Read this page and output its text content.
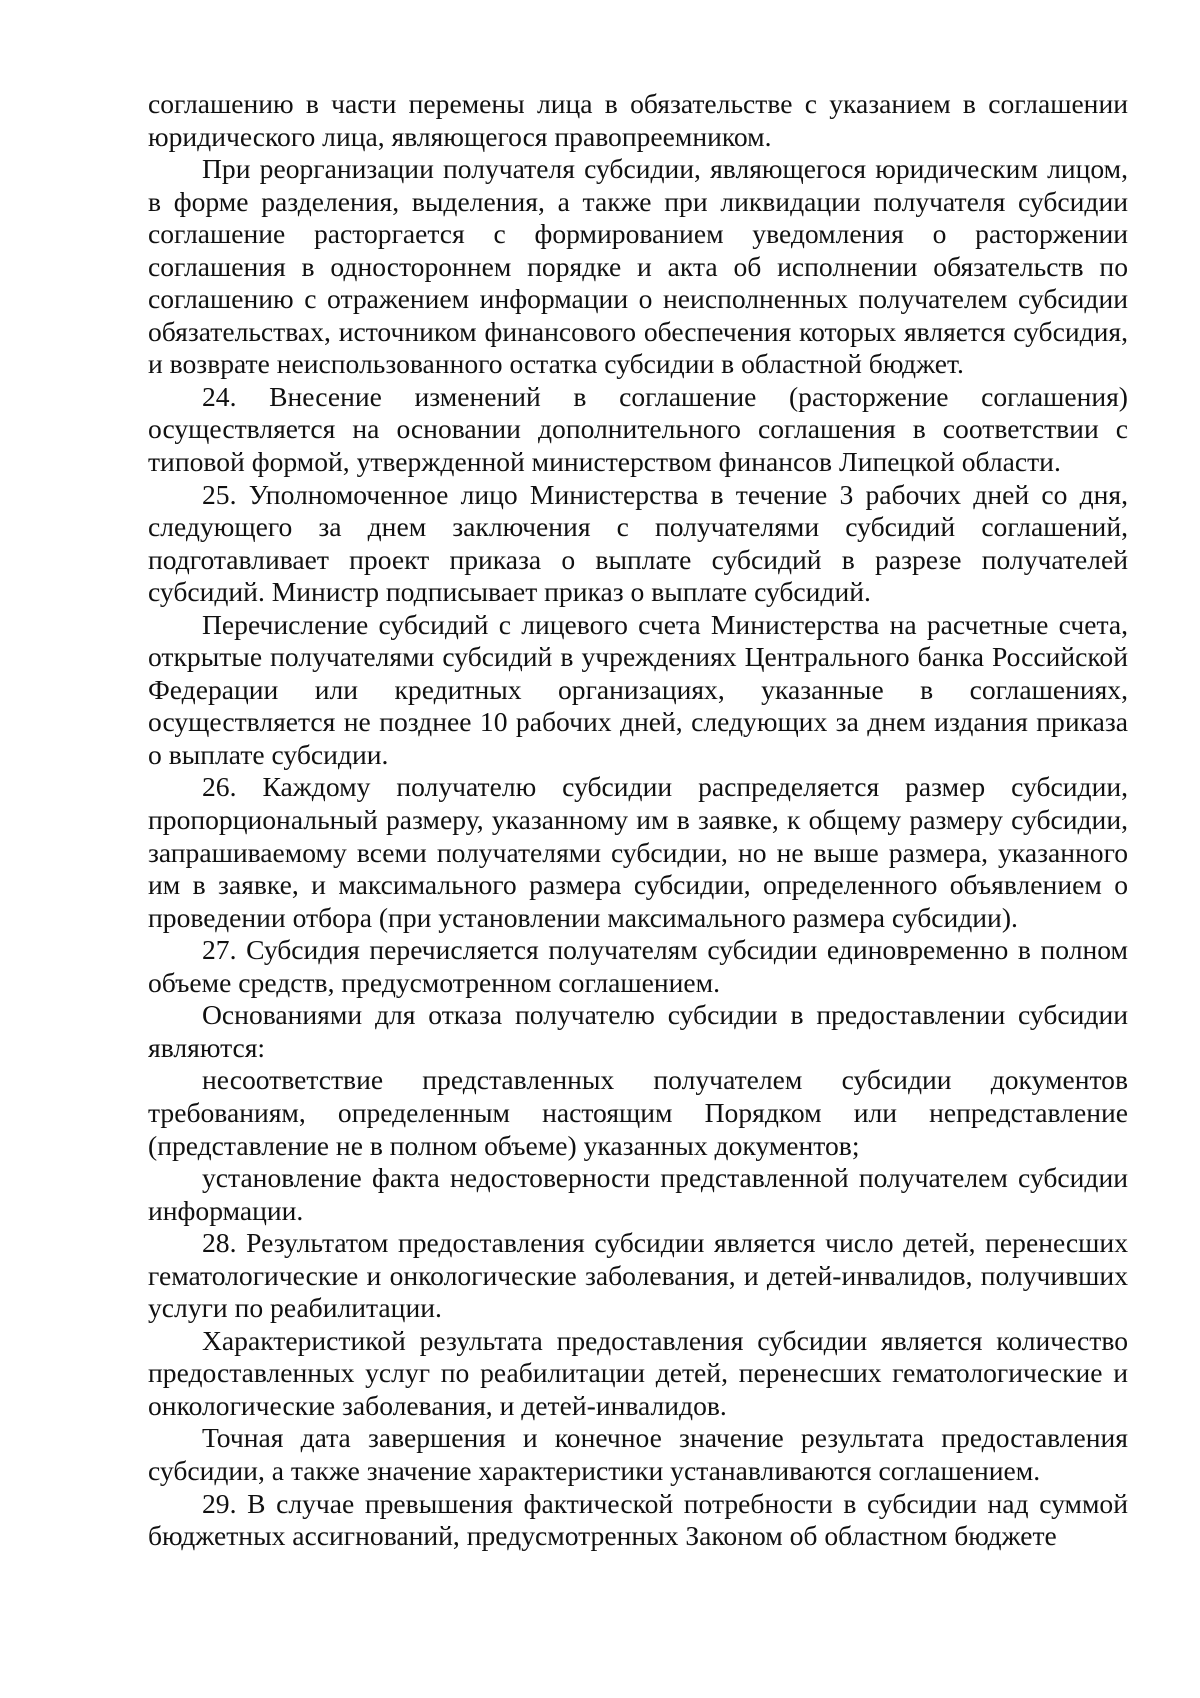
соглашению в части перемены лица в обязательстве с указанием в соглашении юридического лица, являющегося правопреемником.

При реорганизации получателя субсидии, являющегося юридическим лицом, в форме разделения, выделения, а также при ликвидации получателя субсидии соглашение расторгается с формированием уведомления о расторжении соглашения в одностороннем порядке и акта об исполнении обязательств по соглашению с отражением информации о неисполненных получателем субсидии обязательствах, источником финансового обеспечения которых является субсидия, и возврате неиспользованного остатка субсидии в областной бюджет.

24. Внесение изменений в соглашение (расторжение соглашения) осуществляется на основании дополнительного соглашения в соответствии с типовой формой, утвержденной министерством финансов Липецкой области.

25. Уполномоченное лицо Министерства в течение 3 рабочих дней со дня, следующего за днем заключения с получателями субсидий соглашений, подготавливает проект приказа о выплате субсидий в разрезе получателей субсидий. Министр подписывает приказ о выплате субсидий.

Перечисление субсидий с лицевого счета Министерства на расчетные счета, открытые получателями субсидий в учреждениях Центрального банка Российской Федерации или кредитных организациях, указанные в соглашениях, осуществляется не позднее 10 рабочих дней, следующих за днем издания приказа о выплате субсидии.

26. Каждому получателю субсидии распределяется размер субсидии, пропорциональный размеру, указанному им в заявке, к общему размеру субсидии, запрашиваемому всеми получателями субсидии, но не выше размера, указанного им в заявке, и максимального размера субсидии, определенного объявлением о проведении отбора (при установлении максимального размера субсидии).

27. Субсидия перечисляется получателям субсидии единовременно в полном объеме средств, предусмотренном соглашением.

Основаниями для отказа получателю субсидии в предоставлении субсидии являются:

несоответствие представленных получателем субсидии документов требованиям, определенным настоящим Порядком или непредставление (представление не в полном объеме) указанных документов;

установление факта недостоверности представленной получателем субсидии информации.

28. Результатом предоставления субсидии является число детей, перенесших гематологические и онкологические заболевания, и детей-инвалидов, получивших услуги по реабилитации.

Характеристикой результата предоставления субсидии является количество предоставленных услуг по реабилитации детей, перенесших гематологические и онкологические заболевания, и детей-инвалидов.

Точная дата завершения и конечное значение результата предоставления субсидии, а также значение характеристики устанавливаются соглашением.

29. В случае превышения фактической потребности в субсидии над суммой бюджетных ассигнований, предусмотренных Законом об областном бюджете
